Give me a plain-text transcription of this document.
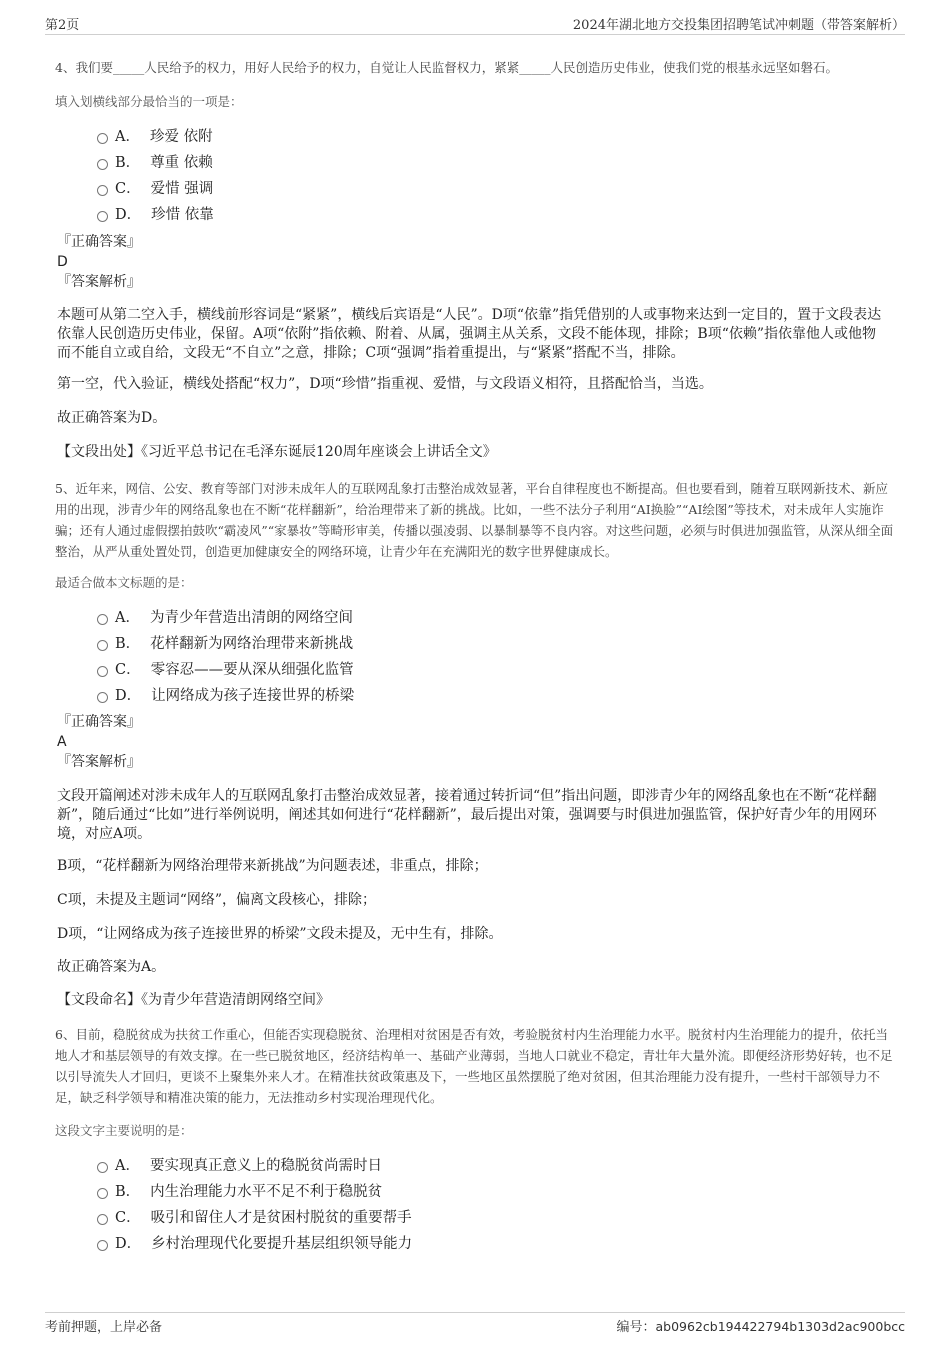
第2页	2024年湖北地方交投集团招聘笔试冲刺题（带答案解析）
4、我们要_____人民给予的权力，用好人民给予的权力，自觉让人民监督权力，紧紧_____人民创造历史伟业，使我们党的根基永远坚如磐石。
填入划横线部分最恰当的一项是：
A． 珍爱 依附
B． 尊重 依赖
C． 爱惜 强调
D． 珍惜 依靠
『正确答案』
D
『答案解析』
本题可从第二空入手，横线前形容词是“紧紧”，横线后宾语是“人民”。D项“依靠”指凭借别的人或事物来达到一定目的，置于文段表达依靠人民创造历史伟业，保留。A项“依附”指依赖、附着、从属，强调主从关系，文段不能体现，排除；B项“依赖”指依靠他人或他物而不能自立或自给，文段无“不自立”之意，排除；C项“强调”指着重提出，与“紧紧”搭配不当，排除。
第一空，代入验证，横线处搭配“权力”，D项“珍惜”指重视、爱惜，与文段语义相符，且搭配恰当，当选。
故正确答案为D。
【文段出处】《习近平总书记在毛泽东诞辰120周年座谈会上讲话全文》
5、近年来，网信、公安、教育等部门对涉未成年人的互联网乱象打击整治成效显著，平台自律程度也不断提高。但也要看到，随着互联网新技术、新应用的出现，涉青少年的网络乱象也在不断“花样翻新”，给治理带来了新的挑战。比如，一些不法分子利用“AI换脸”“AI绘图”等技术，对未成年人实施诈骗；还有人通过虚假摆拍鼓吹“霸凌风”“家暴妆”等畸形审美，传播以强凌弱、以暴制暴等不良内容。对这些问题，必须与时俱进加强监管，从深从细全面整治，从严从重处置处罚，创造更加健康安全的网络环境，让青少年在充满阳光的数字世界健康成长。
最适合做本文标题的是：
A． 为青少年营造出清朗的网络空间
B． 花样翻新为网络治理带来新挑战
C． 零容忍——要从深从细强化监管
D． 让网络成为孩子连接世界的桥梁
『正确答案』
A
『答案解析』
文段开篇阐述对涉未成年人的互联网乱象打击整治成效显著，接着通过转折词“但”指出问题，即涉青少年的网络乱象也在不断“花样翻新”，随后通过“比如”进行举例说明，阐述其如何进行“花样翻新”，最后提出对策，强调要与时俱进加强监管，保护好青少年的用网环境，对应A项。
B项，“花样翻新为网络治理带来新挑战”为问题表述，非重点，排除；
C项，未提及主题词“网络”，偏离文段核心，排除；
D项，“让网络成为孩子连接世界的桥梁”文段未提及，无中生有，排除。
故正确答案为A。
【文段命名】《为青少年营造清朗网络空间》
6、目前，稳脱贫成为扶贫工作重心，但能否实现稳脱贫、治理相对贫困是否有效，考验脱贫村内生治理能力水平。脱贫村内生治理能力的提升，依托当地人才和基层领导的有效支撑。在一些已脱贫地区，经济结构单一、基础产业薄弱，当地人口就业不稳定，青壮年大量外流。即便经济形势好转，也不足以引导流失人才回归，更谈不上聚集外来人才。在精准扶贫政策惠及下，一些地区虽然摆脱了绝对贫困，但其治理能力没有提升，一些村干部领导力不足，缺乏科学领导和精准决策的能力，无法推动乡村实现治理现代化。
这段文字主要说明的是：
A． 要实现真正意义上的稳脱贫尚需时日
B． 内生治理能力水平不足不利于稳脱贫
C． 吸引和留住人才是贫困村脱贫的重要帮手
D． 乡村治理现代化要提升基层组织领导能力
考前押题，上岸必备	编号：ab0962cb194422794b1303d2ac900bcc
